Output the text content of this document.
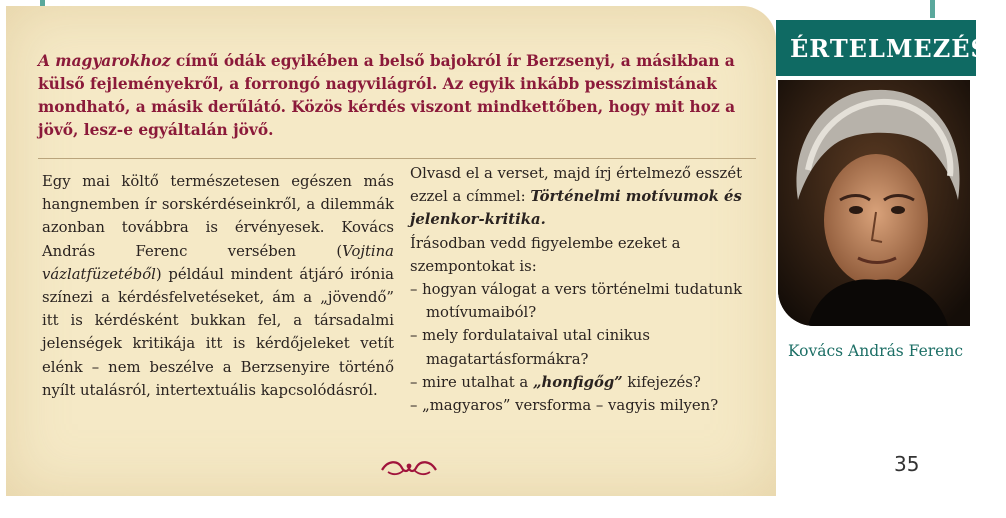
A magyarokhoz című ódák egyikében a belső bajokról ír Berzsenyi, a másikban a külső fejleményekről, a forrongó nagyvilágról. Az egyik inkább pesszimistának mondható, a másik derűlátó. Közös kérdés viszont mindkettőben, hogy mit hoz a jövő, lesz-e egyáltalán jövő.

Egy mai költő természetesen egészen más hangnemben ír sorskérdéseinkről, a dilemmák azonban továbbra is érvényesek. Kovács András Ferenc versében (Vojtina vázlatfüzetéből) például mindent átjáró irónia színezi a kérdésfelvetéseket, ám a „jövendő” itt is kérdésként bukkan fel, a társadalmi jelenségek kritikája itt is kérdőjeleket vetít elénk – nem beszélve a Berzsenyire történő nyílt utalásról, intertextuális kapcsolódásról.

Olvasd el a verset, majd írj értelmező esszét ezzel a címmel: Történelmi motívumok és jelenkor-kritika.

Írásodban vedd figyelembe ezeket a szempontokat is:

– hogyan válogat a vers történelmi tudatunk motívumaiból?
– mely fordulataival utal cinikus magatartásformákra?
– mire utalhat a „honfigőg” kifejezés?
– „magyaros” versforma – vagyis milyen?
35
ÉRTELMEZÉS
Kovács András Ferenc
